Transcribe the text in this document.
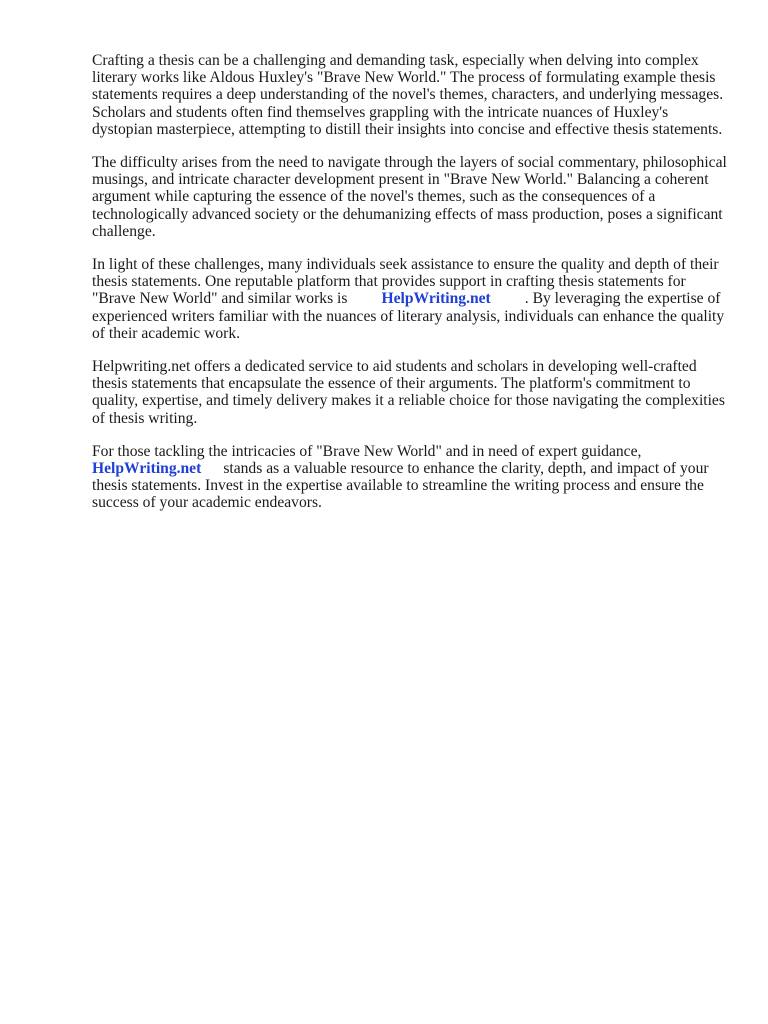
Crafting a thesis can be a challenging and demanding task, especially when delving into complex literary works like Aldous Huxley's "Brave New World." The process of formulating example thesis statements requires a deep understanding of the novel's themes, characters, and underlying messages. Scholars and students often find themselves grappling with the intricate nuances of Huxley's dystopian masterpiece, attempting to distill their insights into concise and effective thesis statements.

The difficulty arises from the need to navigate through the layers of social commentary, philosophical musings, and intricate character development present in "Brave New World." Balancing a coherent argument while capturing the essence of the novel's themes, such as the consequences of a technologically advanced society or the dehumanizing effects of mass production, poses a significant challenge.

In light of these challenges, many individuals seek assistance to ensure the quality and depth of their thesis statements. One reputable platform that provides support in crafting thesis statements for "Brave New World" and similar works is HelpWriting.net . By leveraging the expertise of experienced writers familiar with the nuances of literary analysis, individuals can enhance the quality of their academic work.

Helpwriting.net offers a dedicated service to aid students and scholars in developing well-crafted thesis statements that encapsulate the essence of their arguments. The platform's commitment to quality, expertise, and timely delivery makes it a reliable choice for those navigating the complexities of thesis writing.

For those tackling the intricacies of "Brave New World" and in need of expert guidance, HelpWriting.net stands as a valuable resource to enhance the clarity, depth, and impact of your thesis statements. Invest in the expertise available to streamline the writing process and ensure the success of your academic endeavors.
